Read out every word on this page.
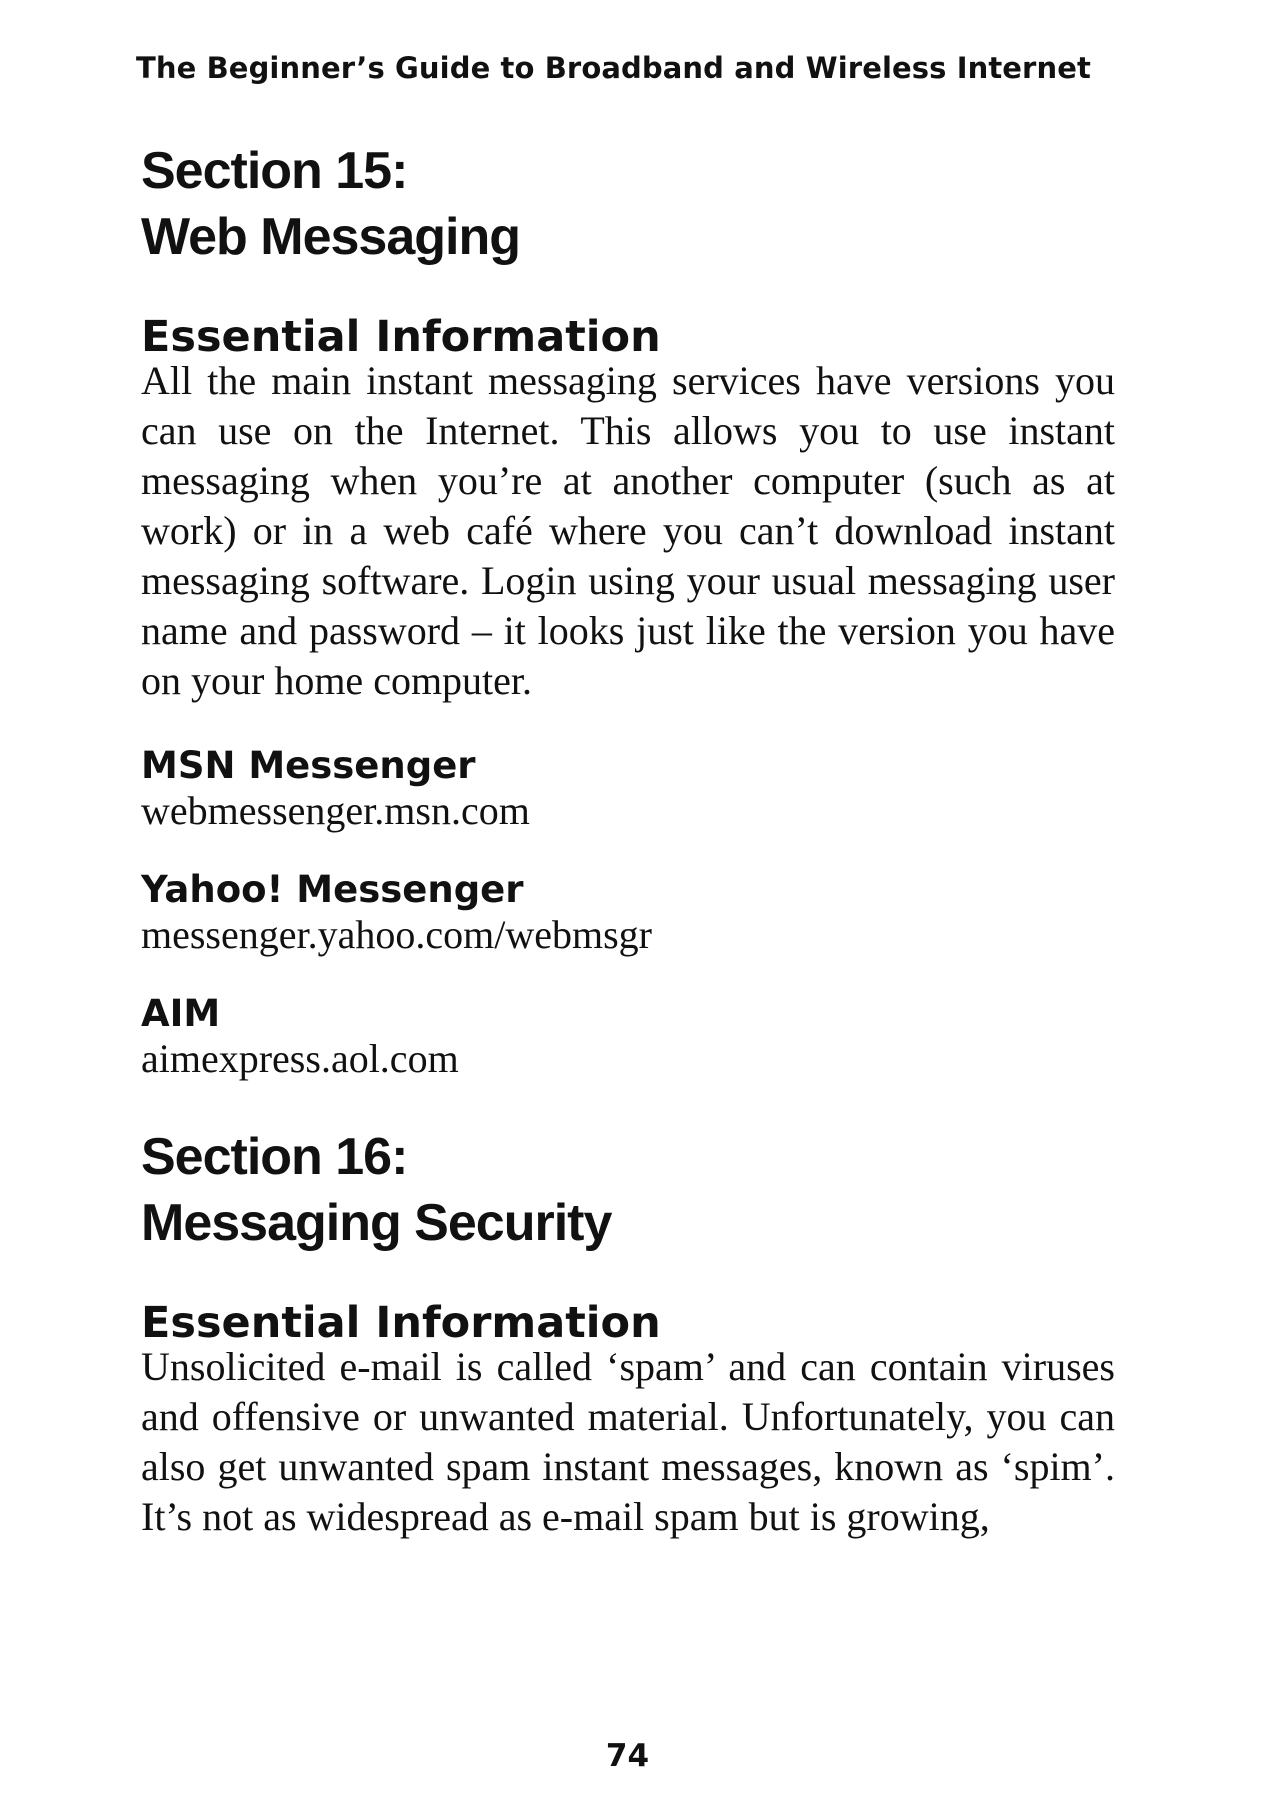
The Beginner’s Guide to Broadband and Wireless Internet
Section 15:
Web Messaging
Essential Information

All the main instant messaging services have versions you can use on the Internet. This allows you to use instant messaging when you’re at another computer (such as at work) or in a web café where you can’t download instant messaging software. Login using your usual messaging user name and password – it looks just like the version you have on your home computer.

MSN Messenger

webmessenger.msn.com

Yahoo! Messenger

messenger.yahoo.com/webmsgr

AIM

aimexpress.aol.com

Section 16:
Messaging Security
Essential Information

Unsolicited e-mail is called ‘spam’ and can contain viruses and offensive or unwanted material. Unfortunately, you can also get unwanted spam instant messages, known as ‘spim’. It’s not as widespread as e-mail spam but is growing,

74
